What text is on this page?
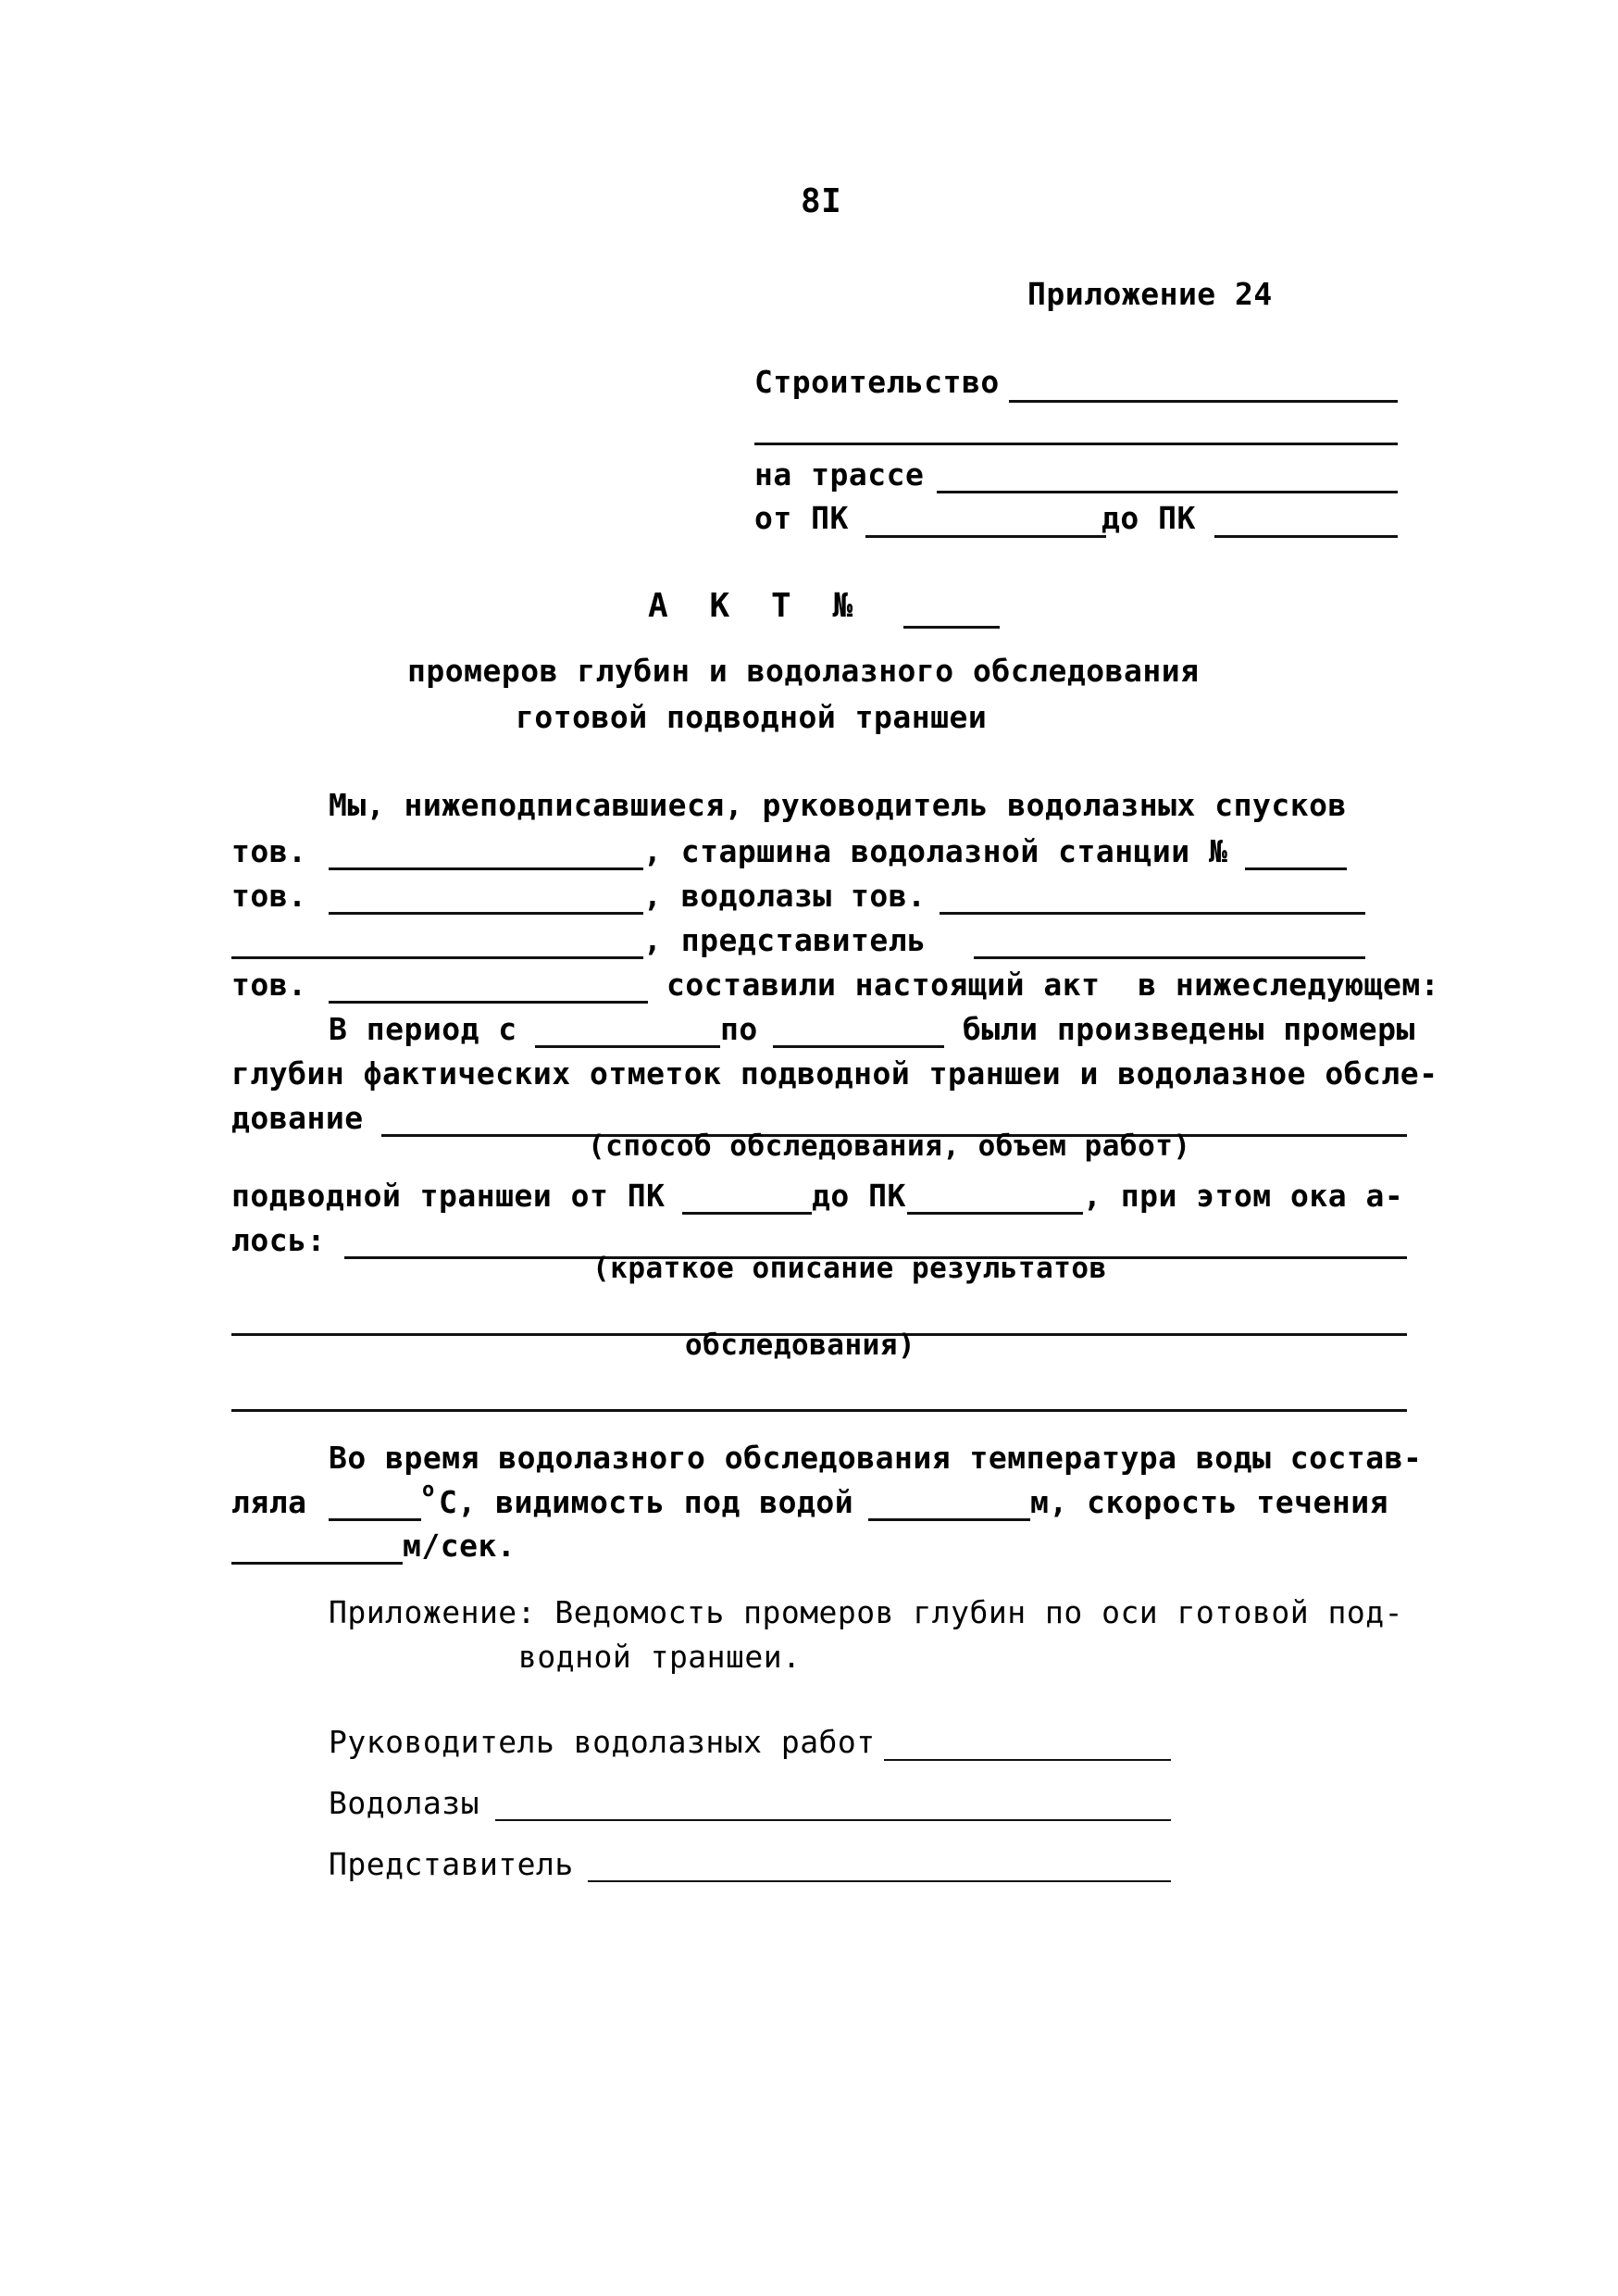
8I
Приложение 24
Строительство
на трассе
от ПК	до ПК
А  К  Т  №
промеров глубин и водолазного обследования
готовой подводной траншеи
Мы, нижеподписавшиеся, руководитель водолазных спусков
тов.	, старшина водолазной станции №
тов.	, водолазы тов.
, представитель
тов.	составили настоящий акт  в нижеследующем:
В период с	по	были произведены промеры
глубин фактических отметок подводной траншеи и водолазное обсле-
дование
(способ обследования, объем работ)
подводной траншеи от ПК	до ПК	, при этом ока а-
лось:
(краткое описание результатов
обследования)
Во время водолазного обследования температура воды состав-
ляла	о С, видимость под водой	м, скорость течения
м/сек.
Приложение: Ведомость промеров глубин по оси готовой под-
водной траншеи.
Руководитель водолазных работ
Водолазы
Представитель
